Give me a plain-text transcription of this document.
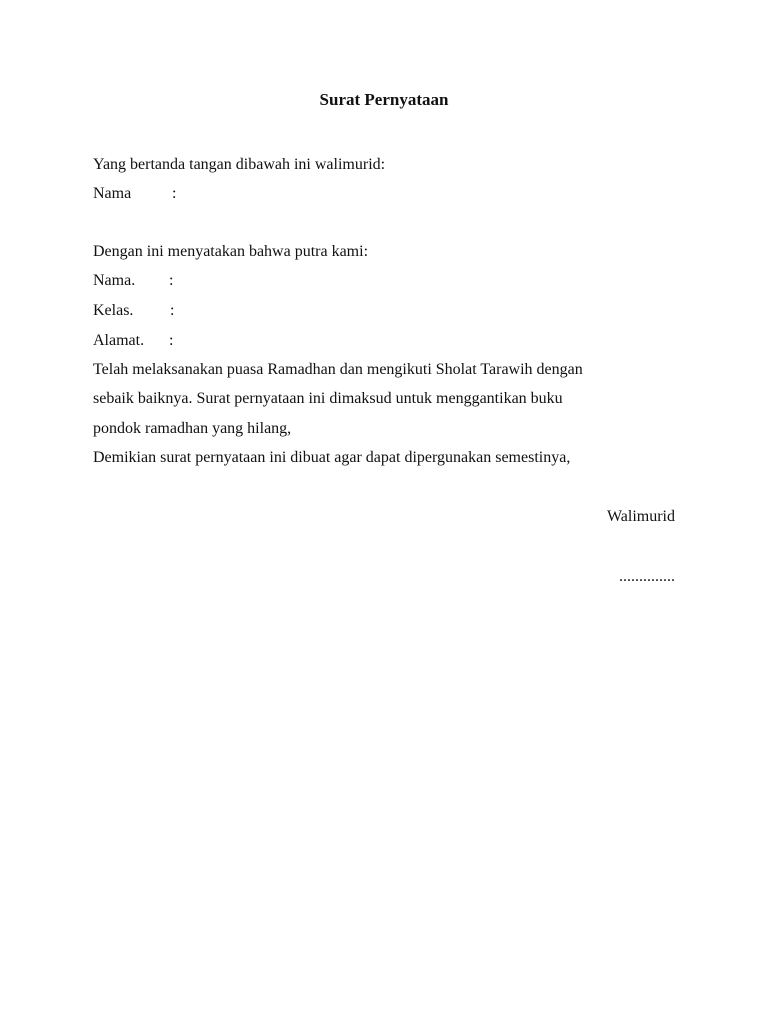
Surat Pernyataan
Yang bertanda tangan dibawah ini walimurid:
Nama	:
Dengan ini menyatakan bahwa putra kami:
Nama. :
Kelas. :
Alamat. :
Telah melaksanakan puasa Ramadhan dan mengikuti Sholat Tarawih dengan
sebaik baiknya. Surat pernyataan ini dimaksud untuk menggantikan buku
pondok ramadhan yang hilang,
Demikian surat pernyataan ini dibuat agar dapat dipergunakan semestinya,
Walimurid
..............
